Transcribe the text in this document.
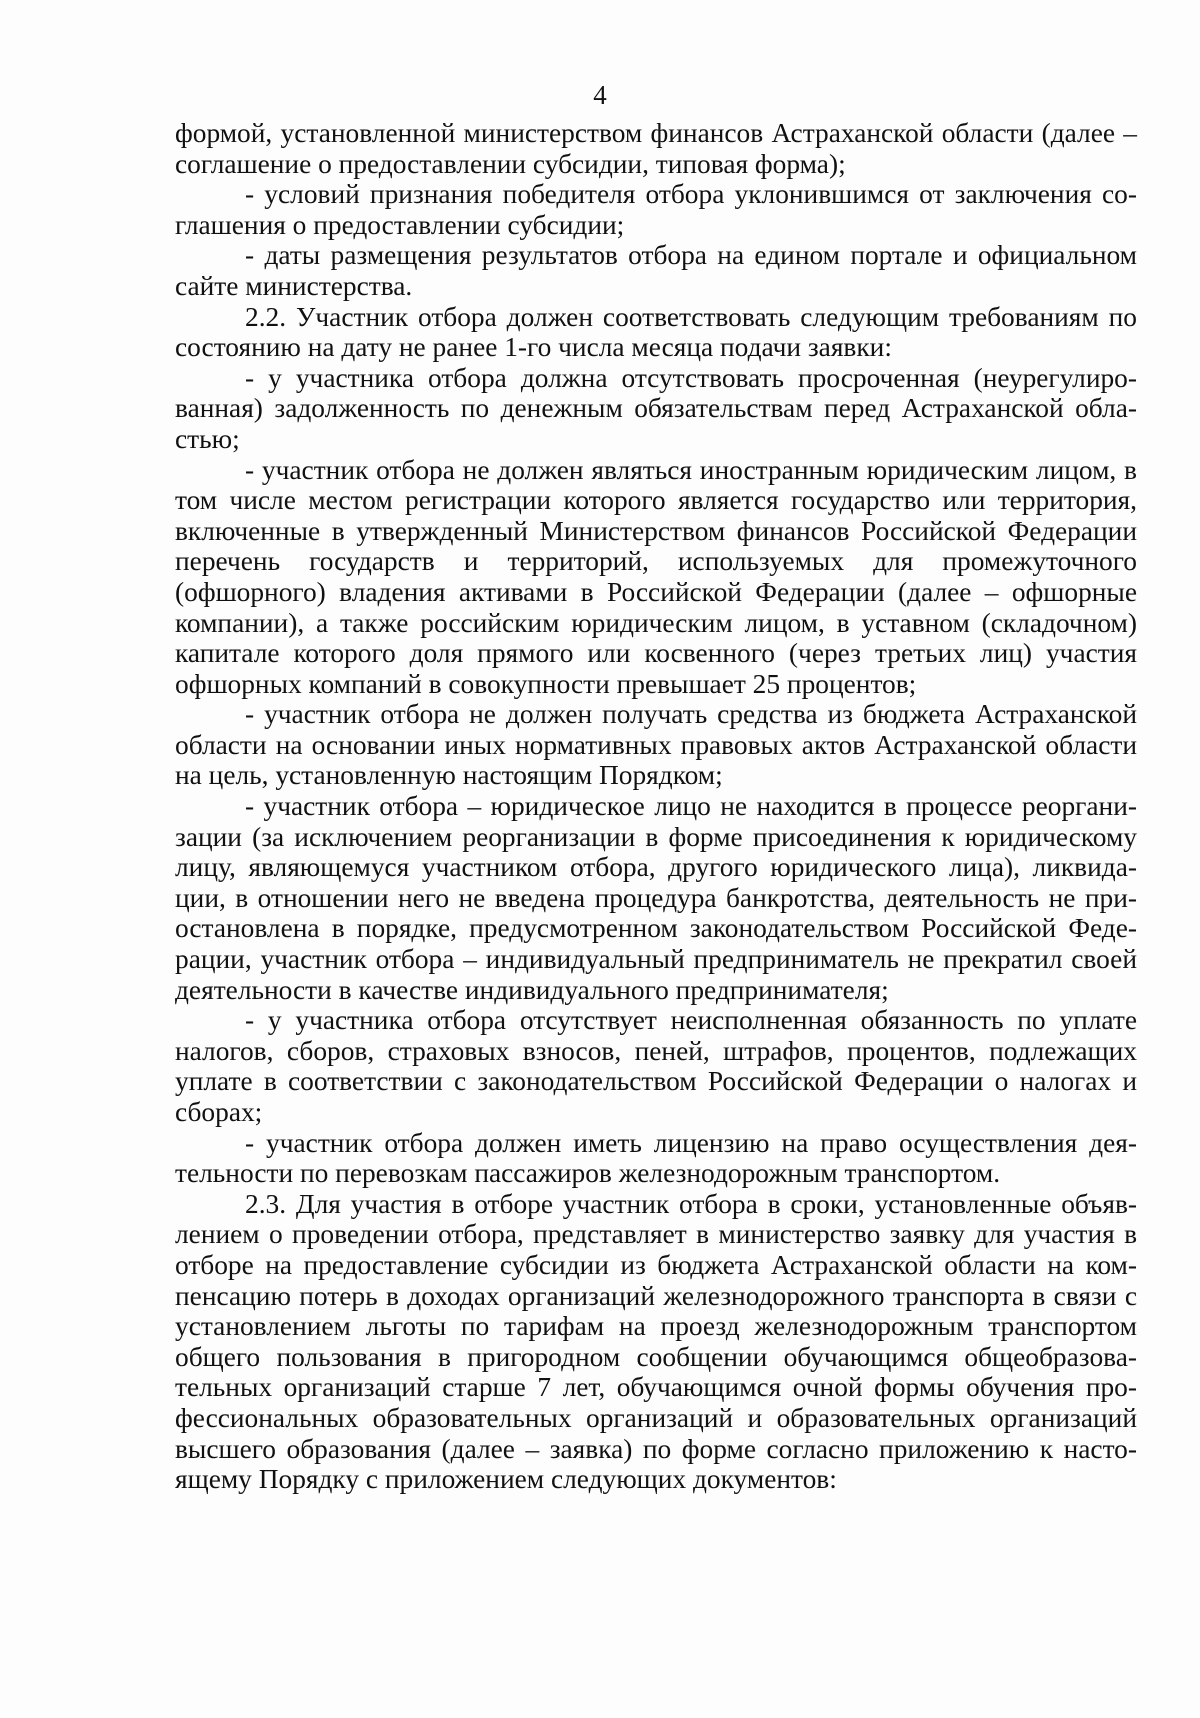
4

формой, установленной министерством финансов Астраханской области (далее – соглашение о предоставлении субсидии, типовая форма);

- условий признания победителя отбора уклонившимся от заключения соглашения о предоставлении субсидии;

- даты размещения результатов отбора на едином портале и официальном сайте министерства.

2.2. Участник отбора должен соответствовать следующим требованиям по состоянию на дату не ранее 1-го числа месяца подачи заявки:

- у участника отбора должна отсутствовать просроченная (неурегулированная) задолженность по денежным обязательствам перед Астраханской областью;

- участник отбора не должен являться иностранным юридическим лицом, в том числе местом регистрации которого является государство или территория, включенные в утвержденный Министерством финансов Российской Федерации перечень государств и территорий, используемых для промежуточного (офшорного) владения активами в Российской Федерации (далее – офшорные компании), а также российским юридическим лицом, в уставном (складочном) капитале которого доля прямого или косвенного (через третьих лиц) участия офшорных компаний в совокупности превышает 25 процентов;

- участник отбора не должен получать средства из бюджета Астраханской области на основании иных нормативных правовых актов Астраханской области на цель, установленную настоящим Порядком;

- участник отбора – юридическое лицо не находится в процессе реорганизации (за исключением реорганизации в форме присоединения к юридическому лицу, являющемуся участником отбора, другого юридического лица), ликвидации, в отношении него не введена процедура банкротства, деятельность не приостановлена в порядке, предусмотренном законодательством Российской Федерации, участник отбора – индивидуальный предприниматель не прекратил своей деятельности в качестве индивидуального предпринимателя;

- у участника отбора отсутствует неисполненная обязанность по уплате налогов, сборов, страховых взносов, пеней, штрафов, процентов, подлежащих уплате в соответствии с законодательством Российской Федерации о налогах и сборах;

- участник отбора должен иметь лицензию на право осуществления деятельности по перевозкам пассажиров железнодорожным транспортом.

2.3. Для участия в отборе участник отбора в сроки, установленные объявлением о проведении отбора, представляет в министерство заявку для участия в отборе на предоставление субсидии из бюджета Астраханской области на компенсацию потерь в доходах организаций железнодорожного транспорта в связи с установлением льготы по тарифам на проезд железнодорожным транспортом общего пользования в пригородном сообщении обучающимся общеобразовательных организаций старше 7 лет, обучающимся очной формы обучения профессиональных образовательных организаций и образовательных организаций высшего образования (далее – заявка) по форме согласно приложению к настоящему Порядку с приложением следующих документов:
